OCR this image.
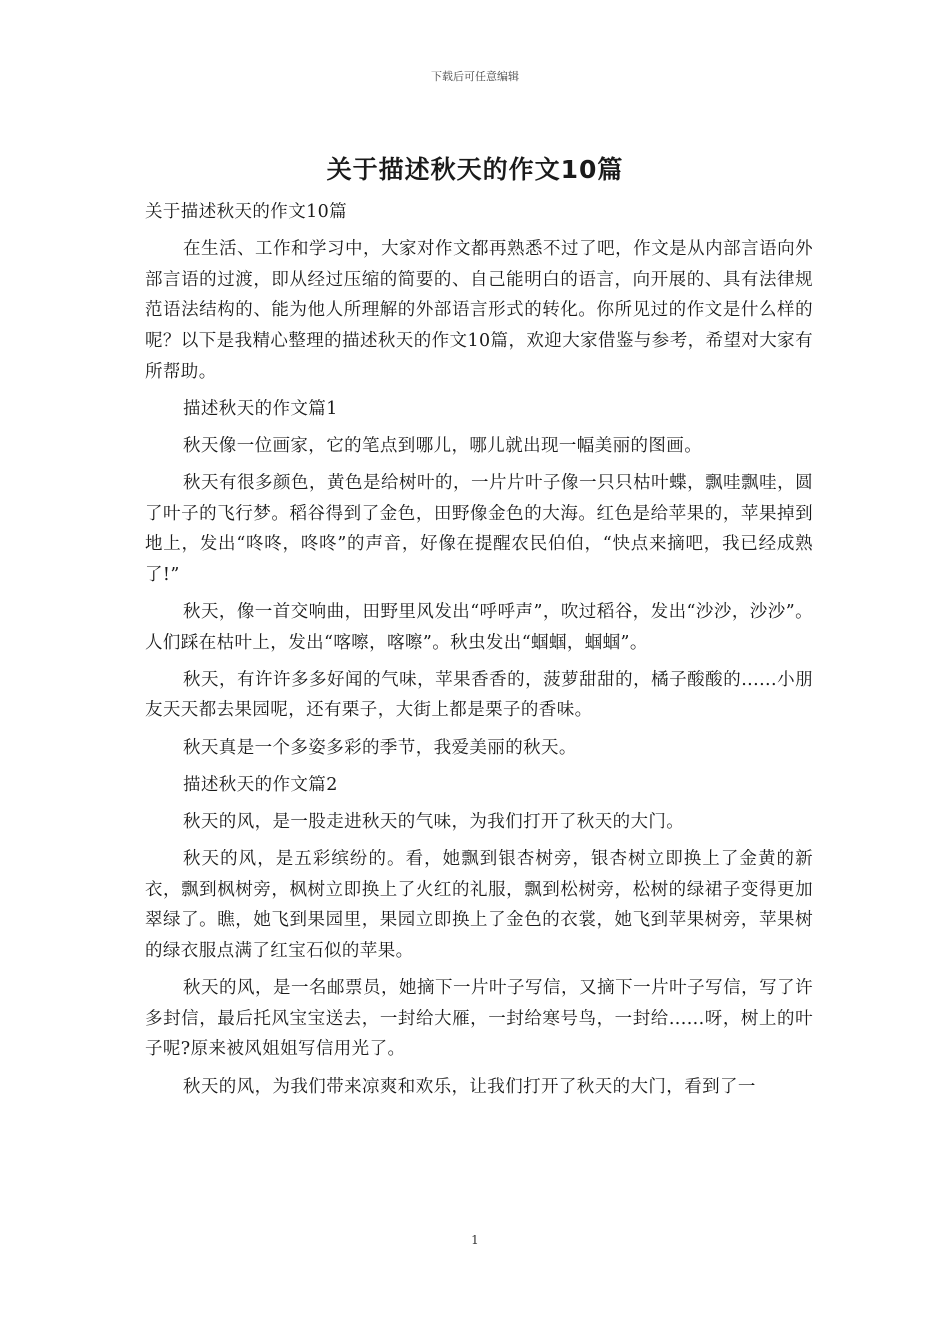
下载后可任意编辑
关于描述秋天的作文10篇

关于描述秋天的作文10篇

在生活、工作和学习中，大家对作文都再熟悉不过了吧，作文是从内部言语向外部言语的过渡，即从经过压缩的简要的、自己能明白的语言，向开展的、具有法律规范语法结构的、能为他人所理解的外部语言形式的转化。你所见过的作文是什么样的呢？以下是我精心整理的描述秋天的作文10篇，欢迎大家借鉴与参考，希望对大家有所帮助。

描述秋天的作文篇1

秋天像一位画家，它的笔点到哪儿，哪儿就出现一幅美丽的图画。

秋天有很多颜色，黄色是给树叶的，一片片叶子像一只只枯叶蝶，飘哇飘哇，圆了叶子的飞行梦。稻谷得到了金色，田野像金色的大海。红色是给苹果的，苹果掉到地上，发出“咚咚，咚咚”的声音，好像在提醒农民伯伯，“快点来摘吧，我已经成熟了!”

秋天，像一首交响曲，田野里风发出“呼呼声”，吹过稻谷，发出“沙沙，沙沙”。人们踩在枯叶上，发出“喀嚓，喀嚓”。秋虫发出“蝈蝈，蝈蝈”。

秋天，有许许多多好闻的气味，苹果香香的，菠萝甜甜的，橘子酸酸的......小朋友天天都去果园呢，还有栗子，大街上都是栗子的香味。

秋天真是一个多姿多彩的季节，我爱美丽的秋天。

描述秋天的作文篇2

秋天的风，是一股走进秋天的气味，为我们打开了秋天的大门。

秋天的风，是五彩缤纷的。看，她飘到银杏树旁，银杏树立即换上了金黄的新衣，飘到枫树旁，枫树立即换上了火红的礼服，飘到松树旁，松树的绿裙子变得更加翠绿了。瞧，她飞到果园里，果园立即换上了金色的衣裳，她飞到苹果树旁，苹果树的绿衣服点满了红宝石似的苹果。

秋天的风，是一名邮票员，她摘下一片叶子写信，又摘下一片叶子写信，写了许多封信，最后托风宝宝送去，一封给大雁，一封给寒号鸟，一封给......呀，树上的叶子呢?原来被风姐姐写信用光了。

秋天的风，为我们带来凉爽和欢乐，让我们打开了秋天的大门，看到了一

1
